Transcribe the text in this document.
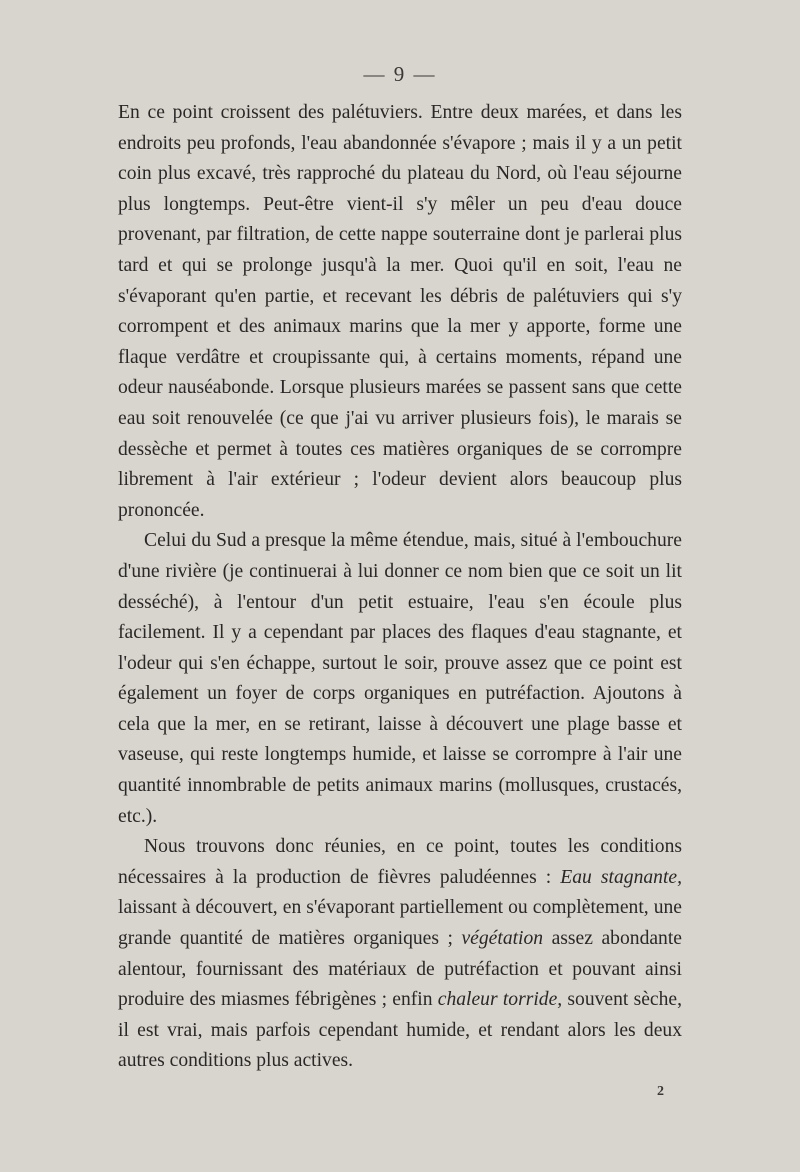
— 9 —

En ce point croissent des palétuviers. Entre deux marées, et dans les endroits peu profonds, l'eau abandonnée s'évapore ; mais il y a un petit coin plus excavé, très rapproché du plateau du Nord, où l'eau séjourne plus longtemps. Peut-être vient-il s'y mêler un peu d'eau douce provenant, par filtration, de cette nappe souterraine dont je parlerai plus tard et qui se prolonge jusqu'à la mer. Quoi qu'il en soit, l'eau ne s'évaporant qu'en partie, et recevant les débris de palétuviers qui s'y corrompent et des animaux marins que la mer y apporte, forme une flaque verdâtre et croupissante qui, à certains moments, répand une odeur nauséabonde. Lorsque plusieurs marées se passent sans que cette eau soit renouvelée (ce que j'ai vu arriver plusieurs fois), le marais se dessèche et permet à toutes ces matières organiques de se corrompre librement à l'air extérieur ; l'odeur devient alors beaucoup plus prononcée.

Celui du Sud a presque la même étendue, mais, situé à l'embouchure d'une rivière (je continuerai à lui donner ce nom bien que ce soit un lit desséché), à l'entour d'un petit estuaire, l'eau s'en écoule plus facilement. Il y a cependant par places des flaques d'eau stagnante, et l'odeur qui s'en échappe, surtout le soir, prouve assez que ce point est également un foyer de corps organiques en putréfaction. Ajoutons à cela que la mer, en se retirant, laisse à découvert une plage basse et vaseuse, qui reste longtemps humide, et laisse se corrompre à l'air une quantité innombrable de petits animaux marins (mollusques, crustacés, etc.).

Nous trouvons donc réunies, en ce point, toutes les conditions nécessaires à la production de fièvres paludéennes : Eau stagnante, laissant à découvert, en s'évaporant partiellement ou complètement, une grande quantité de matières organiques ; végétation assez abondante alentour, fournissant des matériaux de putréfaction et pouvant ainsi produire des miasmes fébrigènes ; enfin chaleur torride, souvent sèche, il est vrai, mais parfois cependant humide, et rendant alors les deux autres conditions plus actives.

2
